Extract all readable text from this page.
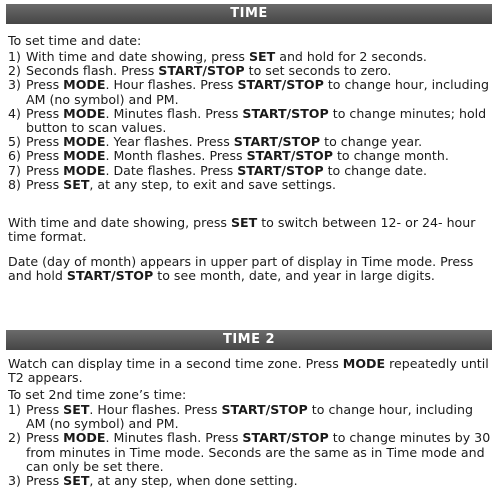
TIME

To set time and date:

1) With time and date showing, press SET and hold for 2 seconds.
2) Seconds flash. Press START/STOP to set seconds to zero.
3) Press MODE. Hour flashes. Press START/STOP to change hour, including AM (no symbol) and PM.
4) Press MODE. Minutes flash. Press START/STOP to change minutes; hold button to scan values.
5) Press MODE. Year flashes. Press START/STOP to change year.
6) Press MODE. Month flashes. Press START/STOP to change month.
7) Press MODE. Date flashes. Press START/STOP to change date.
8) Press SET, at any step, to exit and save settings.

With time and date showing, press SET to switch between 12- or 24- hour time format.

Date (day of month) appears in upper part of display in Time mode. Press and hold START/STOP to see month, date, and year in large digits.

TIME 2

Watch can display time in a second time zone. Press MODE repeatedly until T2 appears.

To set 2nd time zone’s time:

1) Press SET. Hour flashes. Press START/STOP to change hour, including AM (no symbol) and PM.
2) Press MODE. Minutes flash. Press START/STOP to change minutes by 30 from minutes in Time mode. Seconds are the same as in Time mode and can only be set there.
3) Press SET, at any step, when done setting.
